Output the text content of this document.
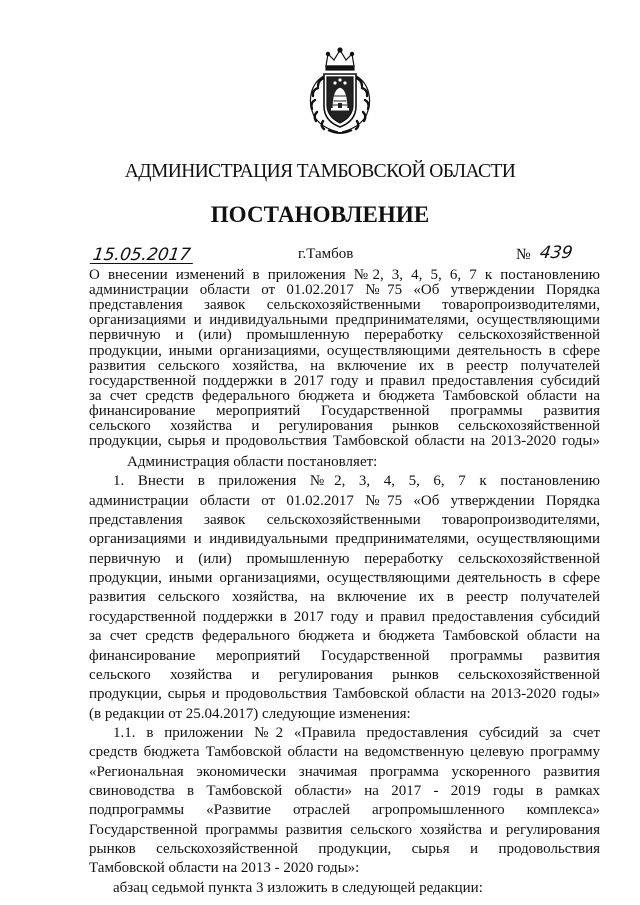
АДМИНИСТРАЦИЯ ТАМБОВСКОЙ ОБЛАСТИ
ПОСТАНОВЛЕНИЕ
15.05.2017	г.Тамбов	№ 439
О внесении изменений в приложения №2, 3, 4, 5, 6, 7 к постановлению
администрации области от 01.02.2017 №75 «Об утверждении Порядка
представления заявок сельскохозяйственными товаропроизводителями,
организациями и индивидуальными предпринимателями, осуществляющими
первичную и (или) промышленную переработку сельскохозяйственной
продукции, иными организациями, осуществляющими деятельность в сфере
развития сельского хозяйства, на включение их в реестр получателей
государственной поддержки в 2017 году и правил предоставления субсидий
за счет средств федерального бюджета и бюджета Тамбовской области на
финансирование мероприятий Государственной программы развития
сельского хозяйства и регулирования рынков сельскохозяйственной
продукции, сырья и продовольствия Тамбовской области на 2013-2020 годы»
Администрация области постановляет:
1. Внести в приложения №2, 3, 4, 5, 6, 7 к постановлению
администрации области от 01.02.2017 №75 «Об утверждении Порядка
представления заявок сельскохозяйственными товаропроизводителями,
организациями и индивидуальными предпринимателями, осуществляющими
первичную и (или) промышленную переработку сельскохозяйственной
продукции, иными организациями, осуществляющими деятельность в сфере
развития сельского хозяйства, на включение их в реестр получателей
государственной поддержки в 2017 году и правил предоставления субсидий
за счет средств федерального бюджета и бюджета Тамбовской области на
финансирование мероприятий Государственной программы развития
сельского хозяйства и регулирования рынков сельскохозяйственной
продукции, сырья и продовольствия Тамбовской области на 2013-2020 годы»
(в редакции от 25.04.2017) следующие изменения:
1.1. в приложении №2 «Правила предоставления субсидий за счет
средств бюджета Тамбовской области на ведомственную целевую программу
«Региональная экономически значимая программа ускоренного развития
свиноводства в Тамбовской области» на 2017 - 2019 годы в рамках
подпрограммы «Развитие отраслей агропромышленного комплекса»
Государственной программы развития сельского хозяйства и регулирования
рынков сельскохозяйственной продукции, сырья и продовольствия
Тамбовской области на 2013 - 2020 годы»:
абзац седьмой пункта 3 изложить в следующей редакции:
